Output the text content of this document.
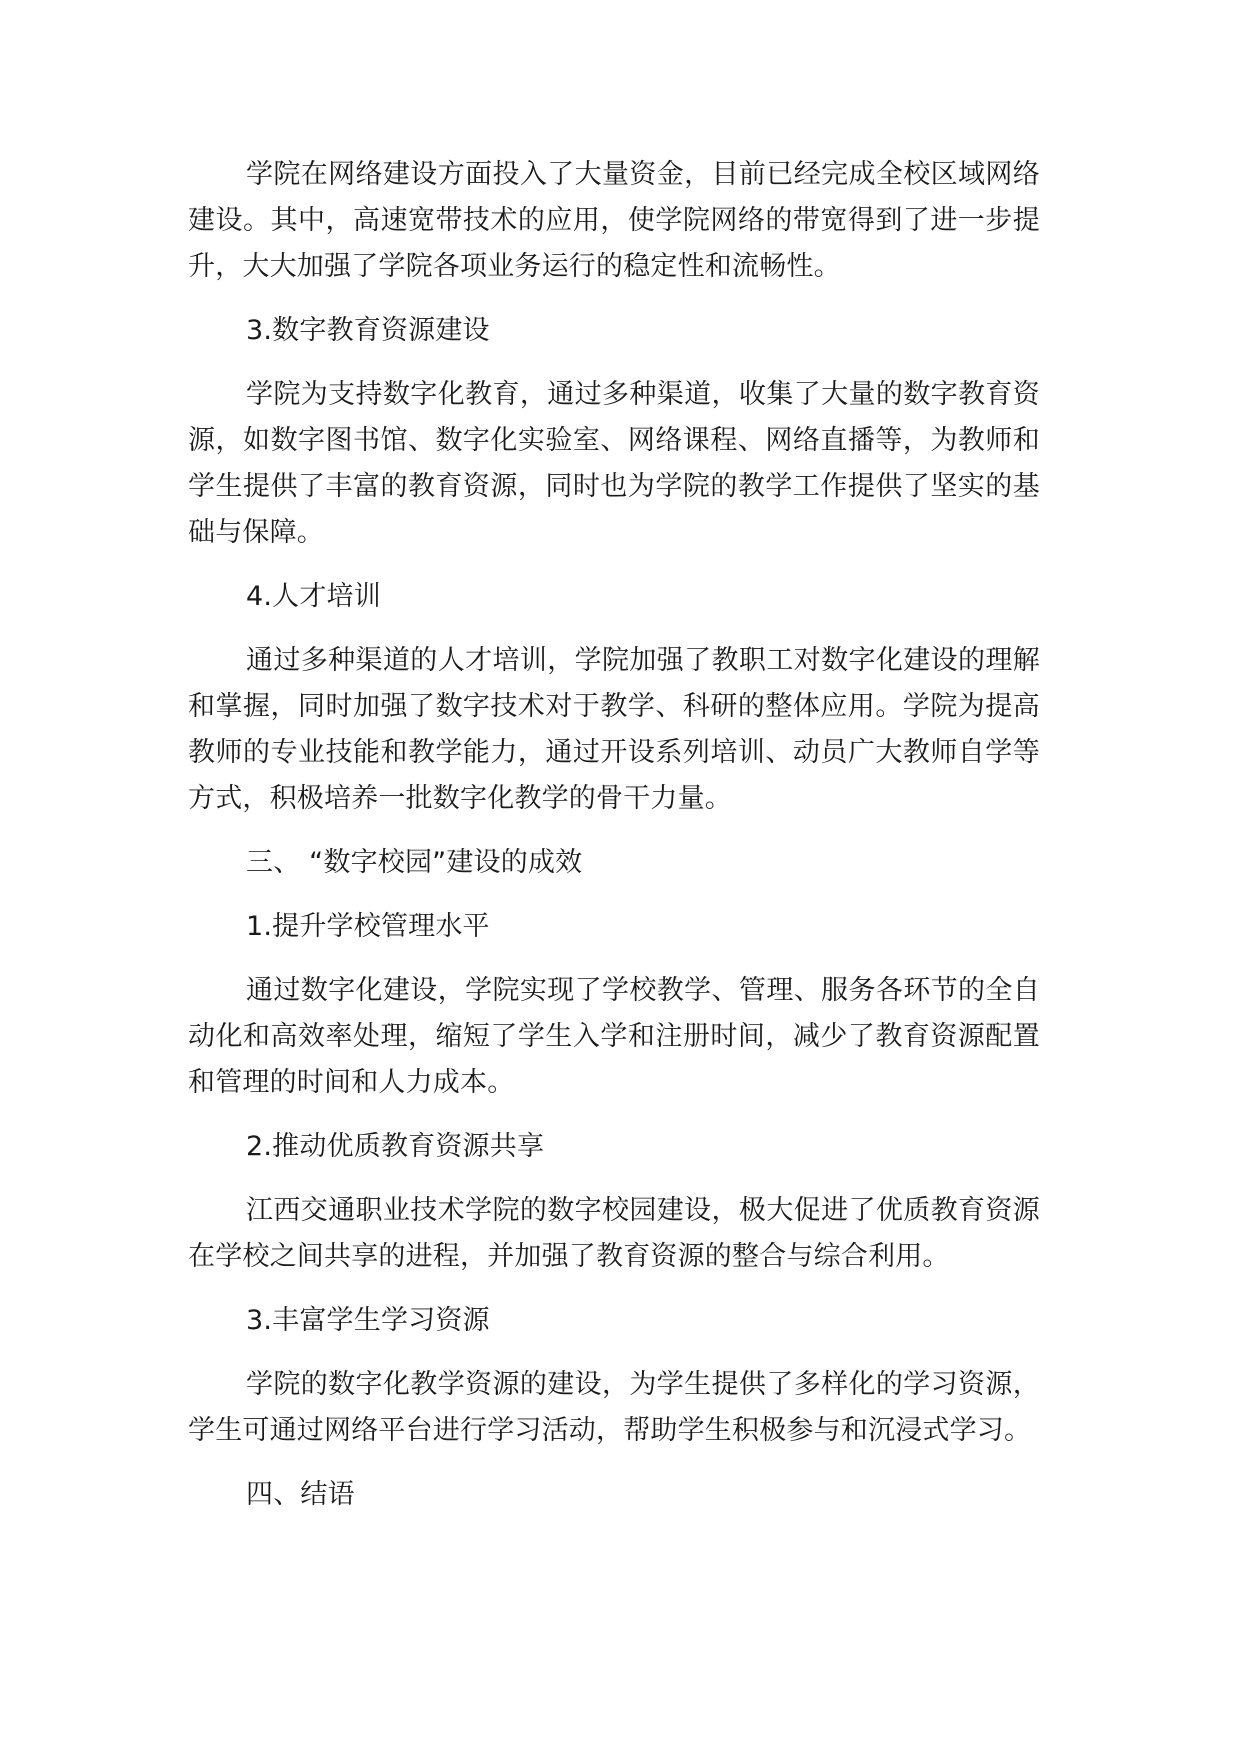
学院在网络建设方面投入了大量资金，目前已经完成全校区域网络建设。其中，高速宽带技术的应用，使学院网络的带宽得到了进一步提升，大大加强了学院各项业务运行的稳定性和流畅性。

3.数字教育资源建设

学院为支持数字化教育，通过多种渠道，收集了大量的数字教育资源，如数字图书馆、数字化实验室、网络课程、网络直播等，为教师和学生提供了丰富的教育资源，同时也为学院的教学工作提供了坚实的基础与保障。

4.人才培训

通过多种渠道的人才培训，学院加强了教职工对数字化建设的理解和掌握，同时加强了数字技术对于教学、科研的整体应用。学院为提高教师的专业技能和教学能力，通过开设系列培训、动员广大教师自学等方式，积极培养一批数字化教学的骨干力量。

三、 “数字校园”建设的成效

1.提升学校管理水平

通过数字化建设，学院实现了学校教学、管理、服务各环节的全自动化和高效率处理，缩短了学生入学和注册时间，减少了教育资源配置和管理的时间和人力成本。

2.推动优质教育资源共享

江西交通职业技术学院的数字校园建设，极大促进了优质教育资源在学校之间共享的进程，并加强了教育资源的整合与综合利用。

3.丰富学生学习资源

学院的数字化教学资源的建设，为学生提供了多样化的学习资源，学生可通过网络平台进行学习活动，帮助学生积极参与和沉浸式学习。

四、结语
